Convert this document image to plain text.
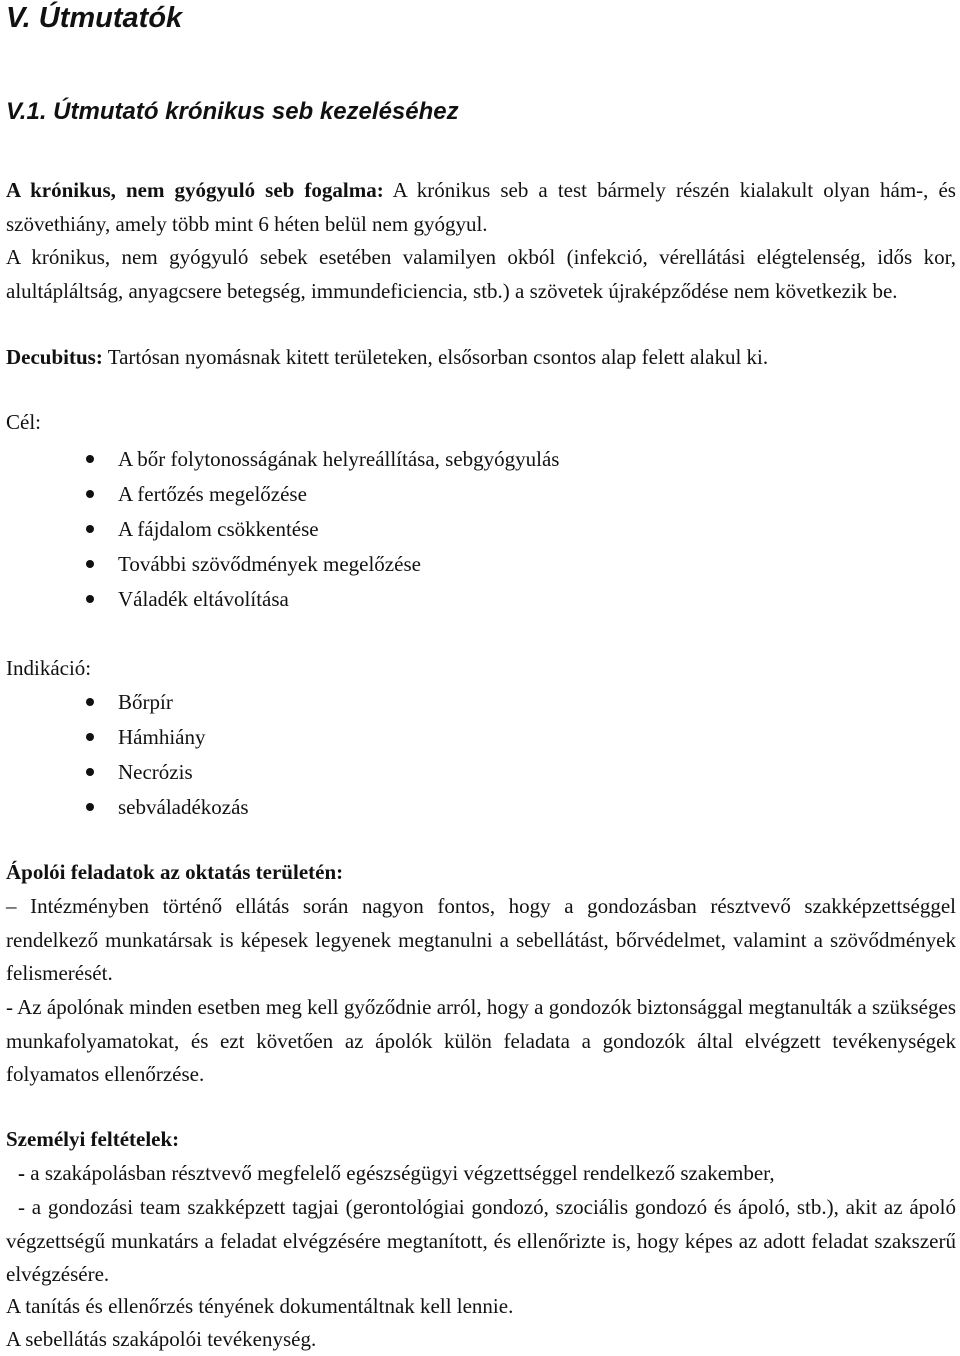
V. Útmutatók
V.1. Útmutató krónikus seb kezeléséhez

A krónikus, nem gyógyuló seb fogalma: A krónikus seb a test bármely részén kialakult olyan hám-, és szövethiány, amely több mint 6 héten belül nem gyógyul.

A krónikus, nem gyógyuló sebek esetében valamilyen okból (infekció, vérellátási elégtelenség, idős kor, alultápláltság, anyagcsere betegség, immundeficiencia, stb.) a szövetek újraképződése nem következik be.

Decubitus: Tartósan nyomásnak kitett területeken, elsősorban csontos alap felett alakul ki.

Cél:

A bőr folytonosságának helyreállítása, sebgyógyulás
A fertőzés megelőzése
A fájdalom csökkentése
További szövődmények megelőzése
Váladék eltávolítása

Indikáció:

Bőrpír
Hámhiány
Necrózis
sebváladékozás

Ápolói feladatok az oktatás területén:

– Intézményben történő ellátás során nagyon fontos, hogy a gondozásban résztvevő szakképzettséggel rendelkező munkatársak is képesek legyenek megtanulni a sebellátást, bőrvédelmet, valamint a szövődmények felismerését.

- Az ápolónak minden esetben meg kell győződnie arról, hogy a gondozók biztonsággal megtanulták a szükséges munkafolyamatokat, és ezt követően az ápolók külön feladata a gondozók által elvégzett tevékenységek folyamatos ellenőrzése.

Személyi feltételek:

- a szakápolásban résztvevő megfelelő egészségügyi végzettséggel rendelkező szakember,

- a gondozási team szakképzett tagjai (gerontológiai gondozó, szociális gondozó és ápoló, stb.), akit az ápoló végzettségű munkatárs a feladat elvégzésére megtanított, és ellenőrizte is, hogy képes az adott feladat szakszerű elvégzésére.

A tanítás és ellenőrzés tényének dokumentáltnak kell lennie.

A sebellátás szakápolói tevékenység.
